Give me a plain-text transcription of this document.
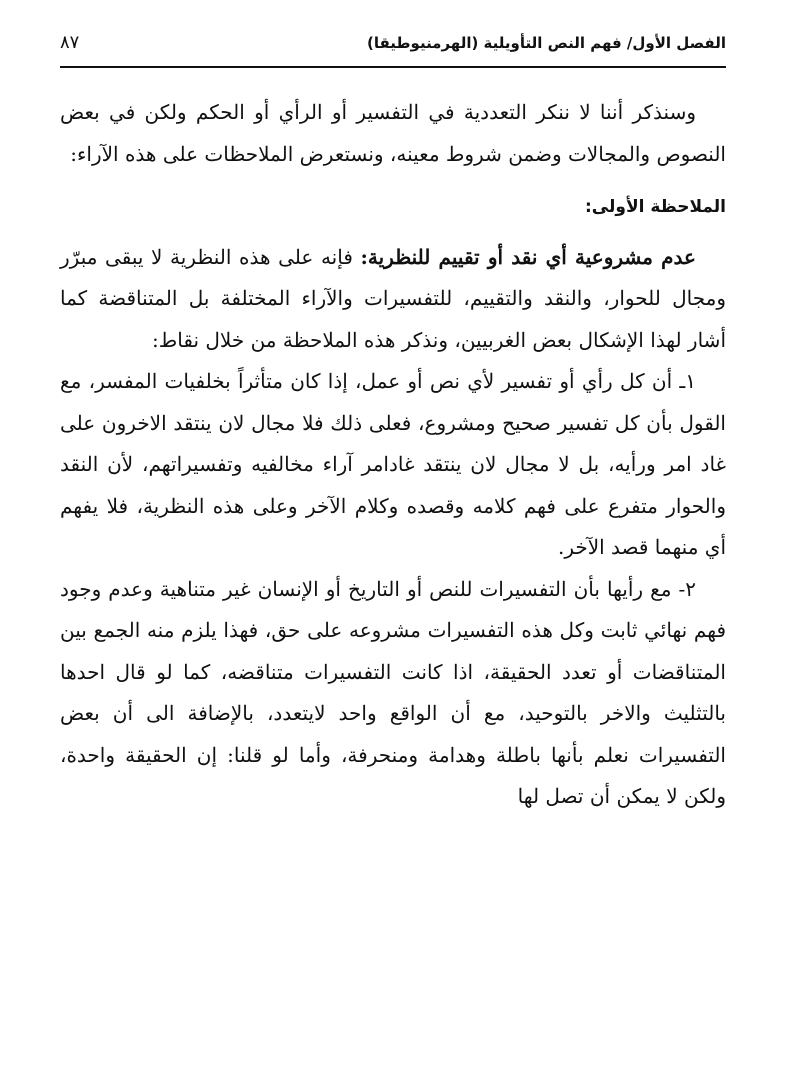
الفصل الأول/ فهم النص التأويلية (الهرمنيوطيقا)
٨٧

وسنذكر أننا لا ننكر التعددية في التفسير أو الرأي أو الحكم ولكن في بعض النصوص والمجالات وضمن شروط معينه، ونستعرض الملاحظات على هذه الآراء:

الملاحظة الأولى:

عدم مشروعية أي نقد أو تقييم للنظرية: فإنه على هذه النظرية لا يبقى مبرّر ومجال للحوار، والنقد والتقييم، للتفسيرات والآراء المختلفة بل المتناقضة كما أشار لهذا الإشكال بعض الغربيين، ونذكر هذه الملاحظة من خلال نقاط:

١ـ أن كل رأي أو تفسير لأي نص أو عمل، إذا كان متأثراً بخلفيات المفسر، مع القول بأن كل تفسير صحيح ومشروع، فعلى ذلك فلا مجال لان ينتقد الاخرون على غاد امر ورأيه، بل لا مجال لان ينتقد غادامر آراء مخالفيه وتفسيراتهم، لأن النقد والحوار متفرع على فهم كلامه وقصده وكلام الآخر وعلى هذه النظرية، فلا يفهم أي منهما قصد الآخر.

٢- مع رأيها بأن التفسيرات للنص أو التاريخ أو الإنسان غير متناهية وعدم وجود فهم نهائي ثابت وكل هذه التفسيرات مشروعه على حق، فهذا يلزم منه الجمع بين المتناقضات أو تعدد الحقيقة، اذا كانت التفسيرات متناقضه، كما لو قال احدها بالتثليث والاخر بالتوحيد، مع أن الواقع واحد لايتعدد، بالإضافة الى أن بعض التفسيرات نعلم بأنها باطلة وهدامة ومنحرفة، وأما لو قلنا: إن الحقيقة واحدة، ولكن لا يمكن أن تصل لها
